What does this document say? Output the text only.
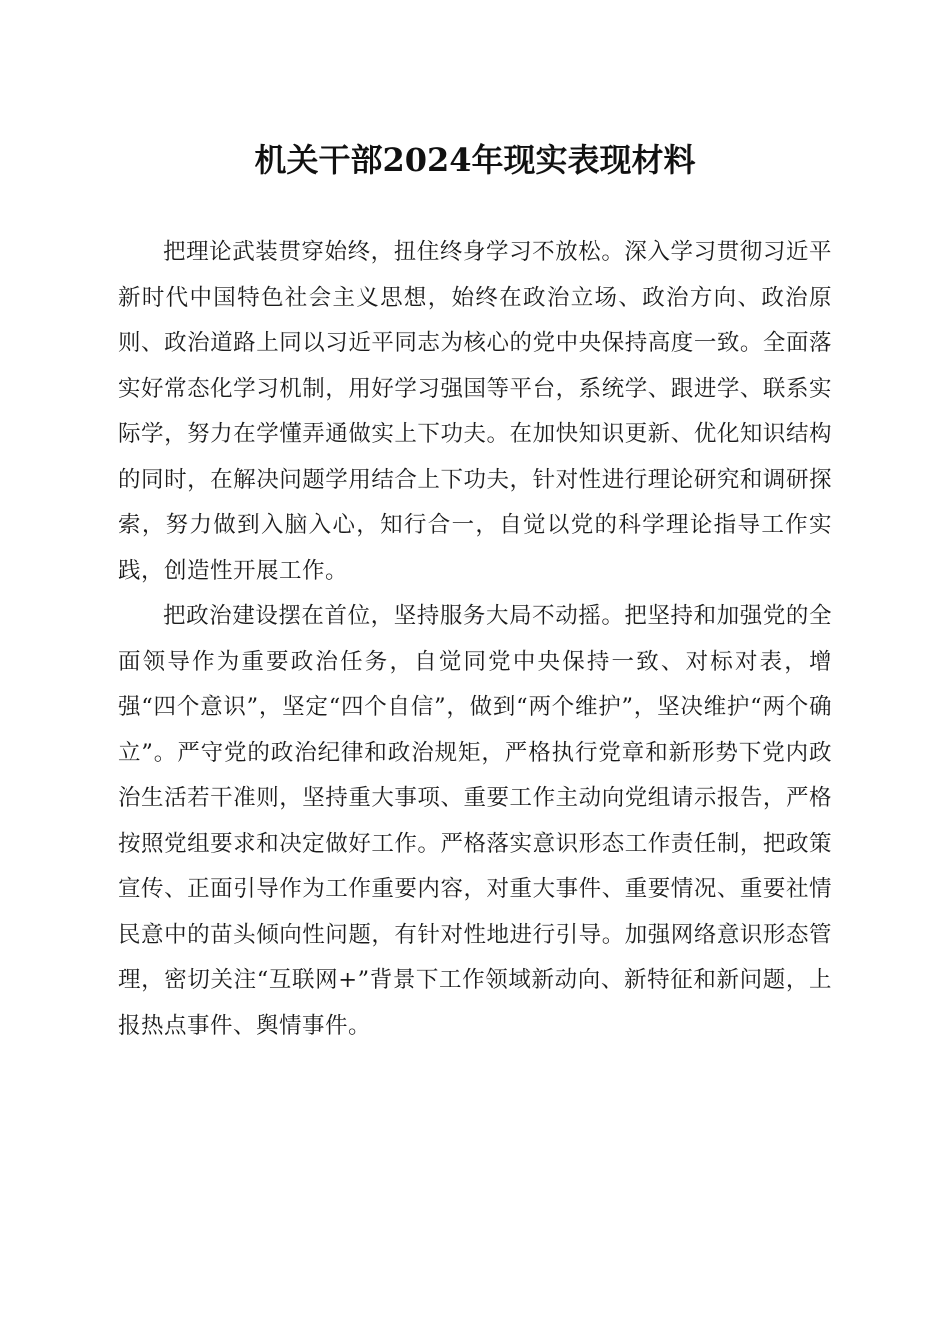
机关干部2024年现实表现材料

把理论武装贯穿始终，扭住终身学习不放松。深入学习贯彻习近平新时代中国特色社会主义思想，始终在政治立场、政治方向、政治原则、政治道路上同以习近平同志为核心的党中央保持高度一致。全面落实好常态化学习机制，用好学习强国等平台，系统学、跟进学、联系实际学，努力在学懂弄通做实上下功夫。在加快知识更新、优化知识结构的同时，在解决问题学用结合上下功夫，针对性进行理论研究和调研探索，努力做到入脑入心，知行合一，自觉以党的科学理论指导工作实践，创造性开展工作。

把政治建设摆在首位，坚持服务大局不动摇。把坚持和加强党的全面领导作为重要政治任务，自觉同党中央保持一致、对标对表，增强“四个意识”，坚定“四个自信”，做到“两个维护”，坚决维护“两个确立”。严守党的政治纪律和政治规矩，严格执行党章和新形势下党内政治生活若干准则，坚持重大事项、重要工作主动向党组请示报告，严格按照党组要求和决定做好工作。严格落实意识形态工作责任制，把政策宣传、正面引导作为工作重要内容，对重大事件、重要情况、重要社情民意中的苗头倾向性问题，有针对性地进行引导。加强网络意识形态管理，密切关注“互联网+”背景下工作领域新动向、新特征和新问题，上报热点事件、舆情事件。
